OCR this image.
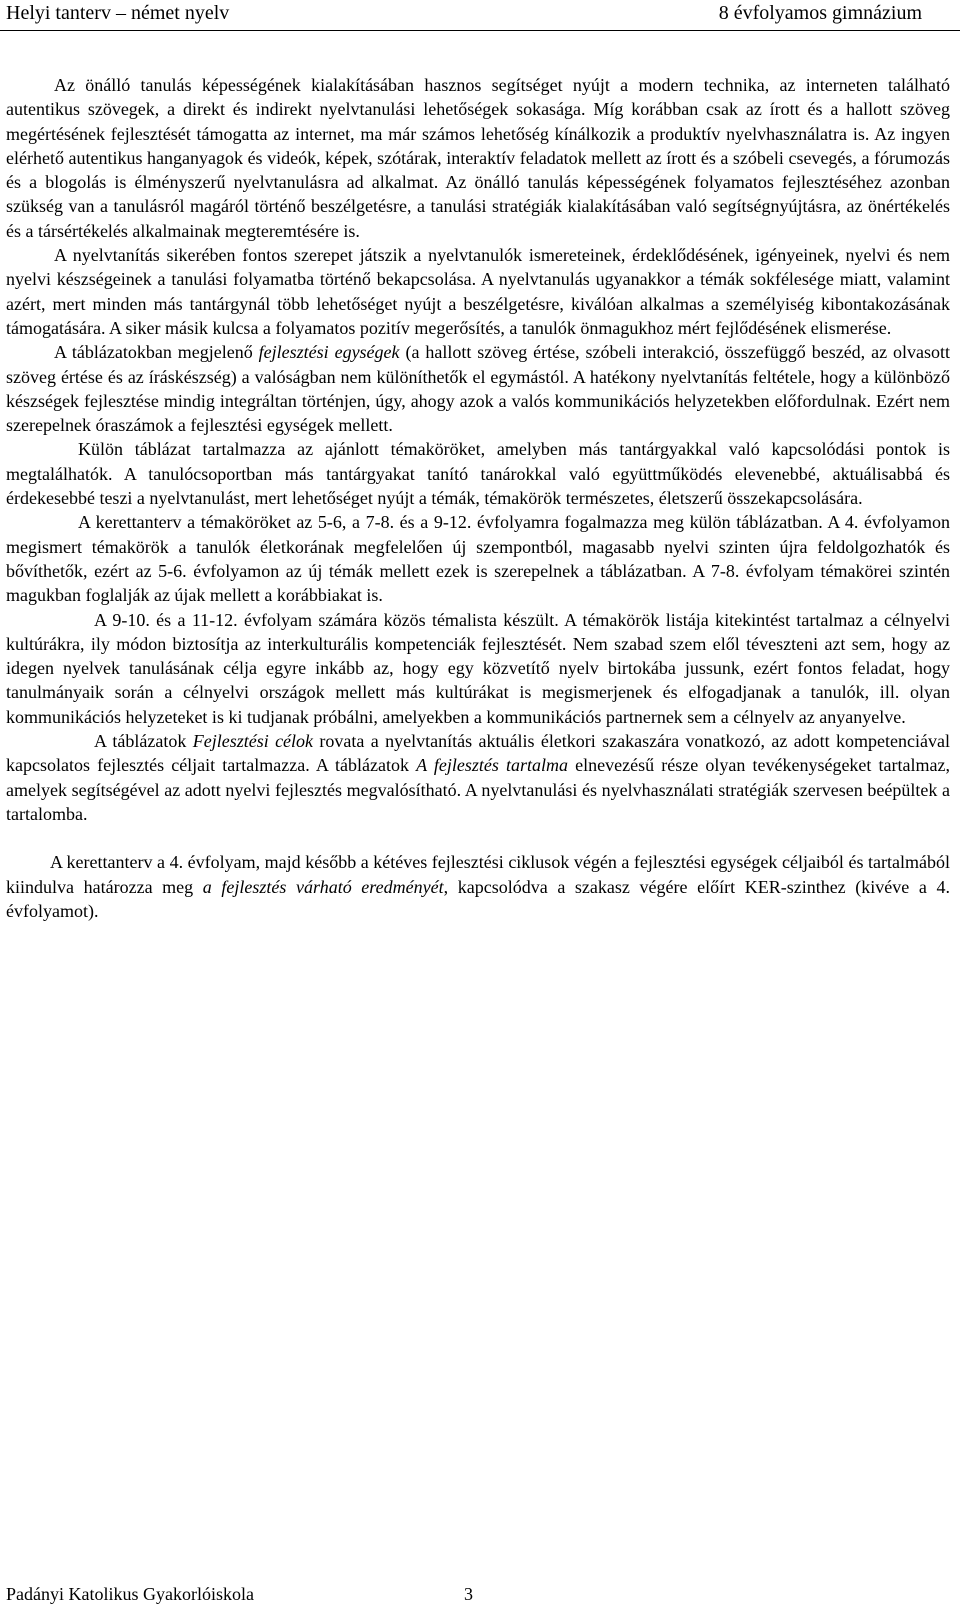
Helyi tanterv – német nyelv	8 évfolyamos gimnázium

Az önálló tanulás képességének kialakításában hasznos segítséget nyújt a modern technika, az interneten található autentikus szövegek, a direkt és indirekt nyelvtanulási lehetőségek sokasága. Míg korábban csak az írott és a hallott szöveg megértésének fejlesztését támogatta az internet, ma már számos lehetőség kínálkozik a produktív nyelvhasználatra is. Az ingyen elérhető autentikus hanganyagok és videók, képek, szótárak, interaktív feladatok mellett az írott és a szóbeli csevegés, a fórumozás és a blogolás is élményszerű nyelvtanulásra ad alkalmat. Az önálló tanulás képességének folyamatos fejlesztéséhez azonban szükség van a tanulásról magáról történő beszélgetésre, a tanulási stratégiák kialakításában való segítségnyújtásra, az önértékelés és a társértékelés alkalmainak megteremtésére is.

A nyelvtanítás sikerében fontos szerepet játszik a nyelvtanulók ismereteinek, érdeklődésének, igényeinek, nyelvi és nem nyelvi készségeinek a tanulási folyamatba történő bekapcsolása. A nyelvtanulás ugyanakkor a témák sokfélesége miatt, valamint azért, mert minden más tantárgynál több lehetőséget nyújt a beszélgetésre, kiválóan alkalmas a személyiség kibontakozásának támogatására. A siker másik kulcsa a folyamatos pozitív megerősítés, a tanulók önmagukhoz mért fejlődésének elismerése.

A táblázatokban megjelenő fejlesztési egységek (a hallott szöveg értése, szóbeli interakció, összefüggő beszéd, az olvasott szöveg értése és az íráskészség) a valóságban nem különíthetők el egymástól. A hatékony nyelvtanítás feltétele, hogy a különböző készségek fejlesztése mindig integráltan történjen, úgy, ahogy azok a valós kommunikációs helyzetekben előfordulnak. Ezért nem szerepelnek óraszámok a fejlesztési egységek mellett.

Külön táblázat tartalmazza az ajánlott témaköröket, amelyben más tantárgyakkal való kapcsolódási pontok is megtalálhatók. A tanulócsoportban más tantárgyakat tanító tanárokkal való együttműködés elevenebbé, aktuálisabbá és érdekesebbé teszi a nyelvtanulást, mert lehetőséget nyújt a témák, témakörök természetes, életszerű összekapcsolására.

A kerettanterv a témaköröket az 5-6, a 7-8. és a 9-12. évfolyamra fogalmazza meg külön táblázatban. A 4. évfolyamon megismert témakörök a tanulók életkorának megfelelően új szempontból, magasabb nyelvi szinten újra feldolgozhatók és bővíthetők, ezért az 5-6. évfolyamon az új témák mellett ezek is szerepelnek a táblázatban. A 7-8. évfolyam témakörei szintén magukban foglalják az újak mellett a korábbiakat is.

A 9-10. és a 11-12. évfolyam számára közös témalista készült. A témakörök listája kitekintést tartalmaz a célnyelvi kultúrákra, ily módon biztosítja az interkulturális kompetenciák fejlesztését. Nem szabad szem elől téveszteni azt sem, hogy az idegen nyelvek tanulásának célja egyre inkább az, hogy egy közvetítő nyelv birtokába jussunk, ezért fontos feladat, hogy tanulmányaik során a célnyelvi országok mellett más kultúrákat is megismerjenek és elfogadjanak a tanulók, ill. olyan kommunikációs helyzeteket is ki tudjanak próbálni, amelyekben a kommunikációs partnernek sem a célnyelv az anyanyelve.

A táblázatok Fejlesztési célok rovata a nyelvtanítás aktuális életkori szakaszára vonatkozó, az adott kompetenciával kapcsolatos fejlesztés céljait tartalmazza. A táblázatok A fejlesztés tartalma elnevezésű része olyan tevékenységeket tartalmaz, amelyek segítségével az adott nyelvi fejlesztés megvalósítható. A nyelvtanulási és nyelvhasználati stratégiák szervesen beépültek a tartalomba.

A kerettanterv a 4. évfolyam, majd később a kétéves fejlesztési ciklusok végén a fejlesztési egységek céljaiból és tartalmából kiindulva határozza meg a fejlesztés várható eredményét, kapcsolódva a szakasz végére előírt KER-szinthez (kivéve a 4. évfolyamot).

Padányi Katolikus Gyakorlóiskola	3
